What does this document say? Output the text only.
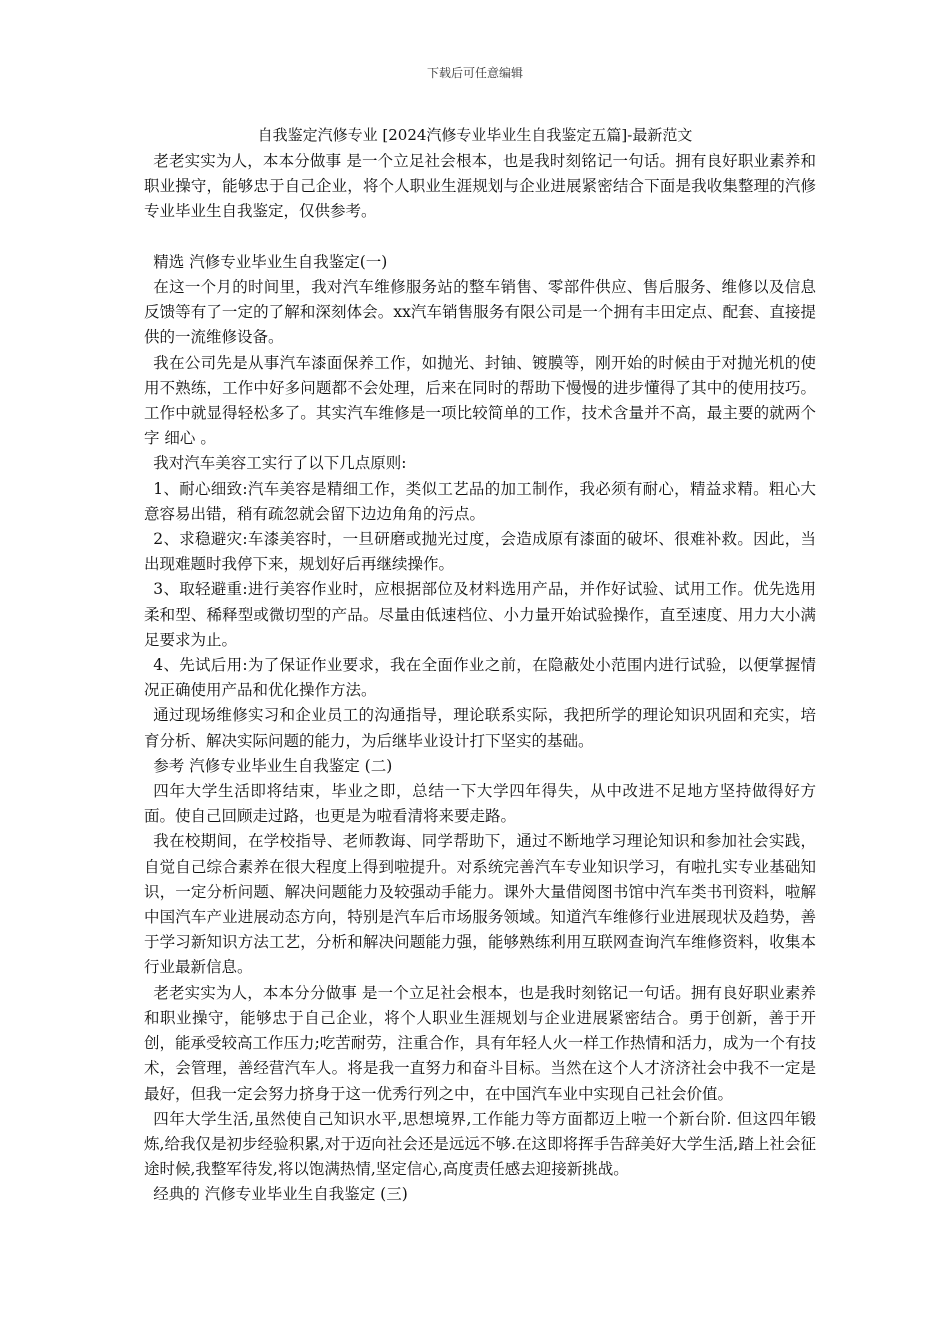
下载后可任意编辑
自我鉴定汽修专业 [2024汽修专业毕业生自我鉴定五篇]-最新范文

老老实实为人，本本分做事 是一个立足社会根本，也是我时刻铭记一句话。拥有良好职业素养和职业操守，能够忠于自己企业，将个人职业生涯规划与企业进展紧密结合下面是我收集整理的汽修专业毕业生自我鉴定，仅供参考。

精选 汽修专业毕业生自我鉴定(一)

在这一个月的时间里，我对汽车维修服务站的整车销售、零部件供应、售后服务、维修以及信息反馈等有了一定的了解和深刻体会。xx汽车销售服务有限公司是一个拥有丰田定点、配套、直接提供的一流维修设备。

我在公司先是从事汽车漆面保养工作，如抛光、封铀、镀膜等，刚开始的时候由于对抛光机的使用不熟练，工作中好多问题都不会处理，后来在同时的帮助下慢慢的进步懂得了其中的使用技巧。工作中就显得轻松多了。其实汽车维修是一项比较简单的工作，技术含量并不高，最主要的就两个字 细心 。

我对汽车美容工实行了以下几点原则:

1、耐心细致:汽车美容是精细工作，类似工艺品的加工制作，我必须有耐心，精益求精。粗心大意容易出错，稍有疏忽就会留下边边角角的污点。

2、求稳避灾:车漆美容时，一旦研磨或抛光过度，会造成原有漆面的破坏、很难补救。因此，当出现难题时我停下来，规划好后再继续操作。

3、取轻避重:进行美容作业时，应根据部位及材料选用产品，并作好试验、试用工作。优先选用柔和型、稀释型或微切型的产品。尽量由低速档位、小力量开始试验操作，直至速度、用力大小满足要求为止。

4、先试后用:为了保证作业要求，我在全面作业之前，在隐蔽处小范围内进行试验，以便掌握情况正确使用产品和优化操作方法。

通过现场维修实习和企业员工的沟通指导，理论联系实际，我把所学的理论知识巩固和充实，培育分析、解决实际问题的能力，为后继毕业设计打下坚实的基础。

参考 汽修专业毕业生自我鉴定 (二)

四年大学生活即将结束，毕业之即，总结一下大学四年得失，从中改进不足地方坚持做得好方面。使自己回顾走过路，也更是为啦看清将来要走路。

我在校期间，在学校指导、老师教诲、同学帮助下，通过不断地学习理论知识和参加社会实践，自觉自己综合素养在很大程度上得到啦提升。对系统完善汽车专业知识学习，有啦扎实专业基础知识，一定分析问题、解决问题能力及较强动手能力。课外大量借阅图书馆中汽车类书刊资料，啦解中国汽车产业进展动态方向，特别是汽车后市场服务领域。知道汽车维修行业进展现状及趋势，善于学习新知识方法工艺，分析和解决问题能力强，能够熟练利用互联网查询汽车维修资料，收集本行业最新信息。

老老实实为人，本本分分做事 是一个立足社会根本，也是我时刻铭记一句话。拥有良好职业素养和职业操守，能够忠于自己企业，将个人职业生涯规划与企业进展紧密结合。勇于创新，善于开创，能承受较高工作压力;吃苦耐劳，注重合作，具有年轻人火一样工作热情和活力，成为一个有技术，会管理，善经营汽车人。将是我一直努力和奋斗目标。当然在这个人才济济社会中我不一定是最好，但我一定会努力挤身于这一优秀行列之中，在中国汽车业中实现自己社会价值。

四年大学生活,虽然使自己知识水平,思想境界,工作能力等方面都迈上啦一个新台阶. 但这四年锻炼,给我仅是初步经验积累,对于迈向社会还是远远不够.在这即将挥手告辞美好大学生活,踏上社会征途时候,我整军待发,将以饱满热情,坚定信心,高度责任感去迎接新挑战。

经典的 汽修专业毕业生自我鉴定 (三)
